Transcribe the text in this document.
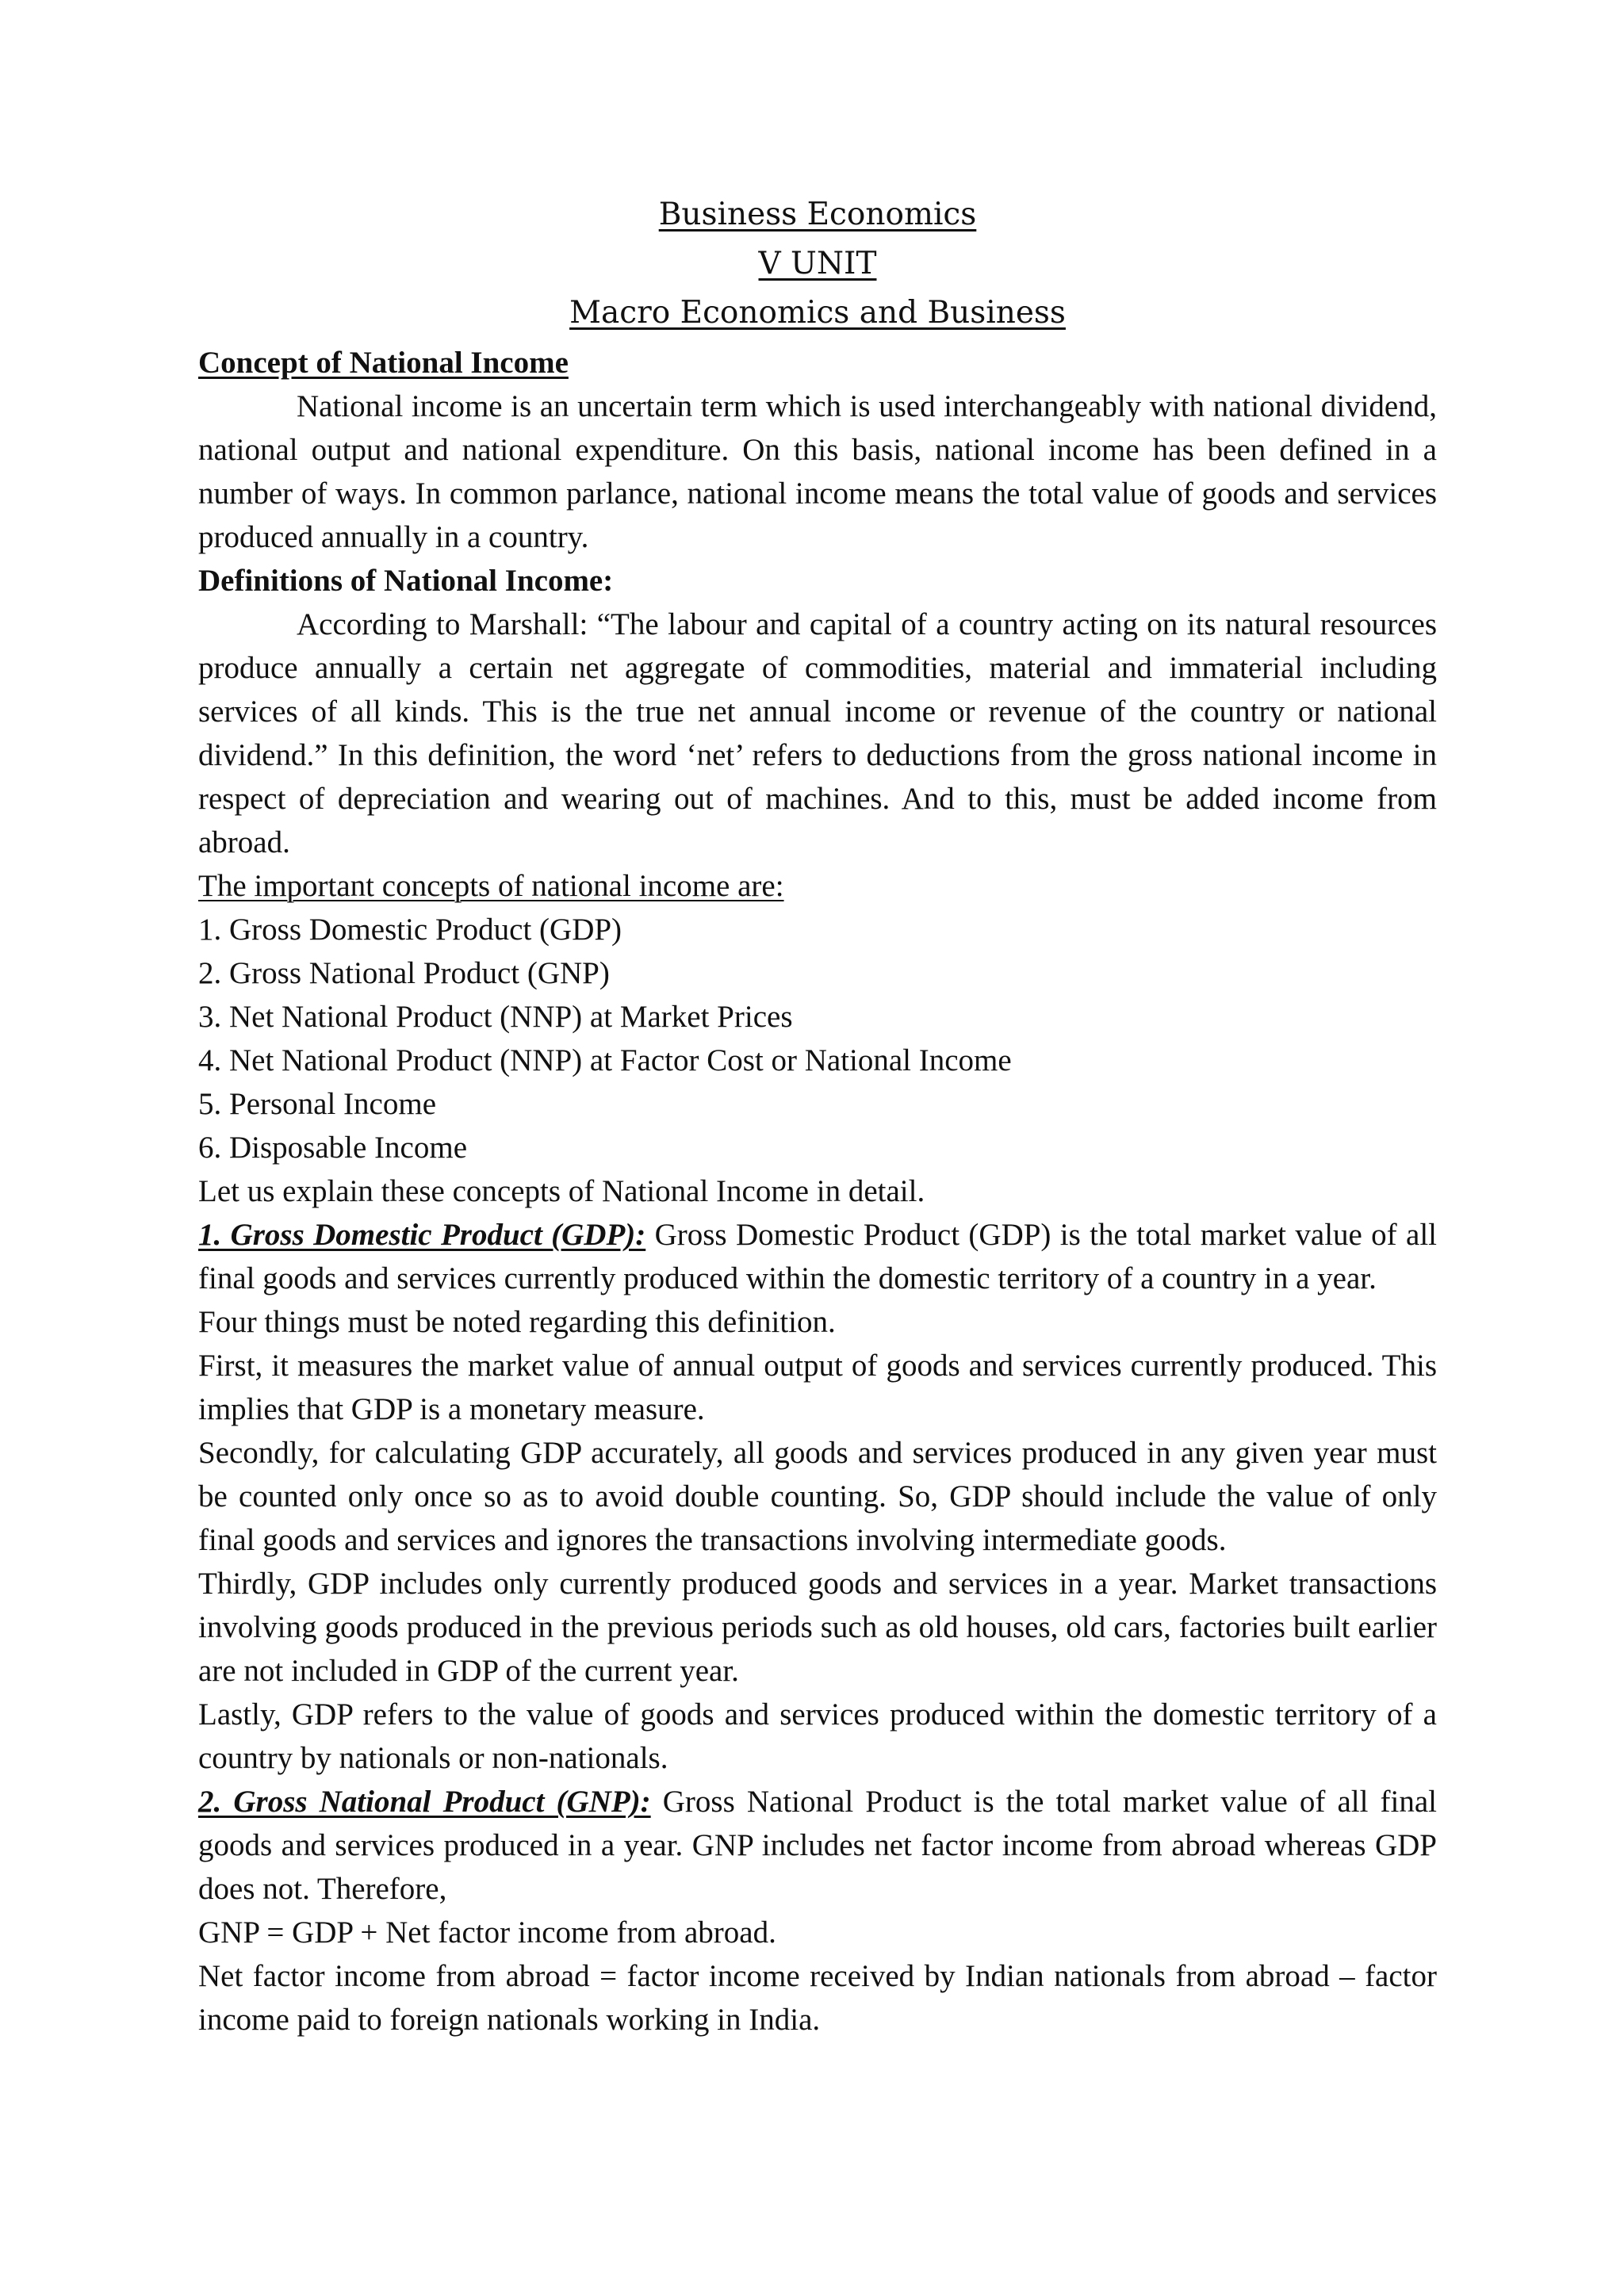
Business Economics

V UNIT

Macro Economics and Business

Concept of National Income

National income is an uncertain term which is used interchangeably with national dividend, national output and national expenditure. On this basis, national income has been defined in a number of ways. In common parlance, national income means the total value of goods and services produced annually in a country.

Definitions of National Income:

According to Marshall: “The labour and capital of a country acting on its natural resources produce annually a certain net aggregate of commodities, material and immaterial including services of all kinds. This is the true net annual income or revenue of the country or national dividend.” In this definition, the word ‘net’ refers to deductions from the gross national income in respect of depreciation and wearing out of machines. And to this, must be added income from abroad.

The important concepts of national income are:

1. Gross Domestic Product (GDP)

2. Gross National Product (GNP)

3. Net National Product (NNP) at Market Prices

4. Net National Product (NNP) at Factor Cost or National Income

5. Personal Income

6. Disposable Income

Let us explain these concepts of National Income in detail.

1. Gross Domestic Product (GDP): Gross Domestic Product (GDP) is the total market value of all final goods and services currently produced within the domestic territory of a country in a year.

Four things must be noted regarding this definition.

First, it measures the market value of annual output of goods and services currently produced. This implies that GDP is a monetary measure.

Secondly, for calculating GDP accurately, all goods and services produced in any given year must be counted only once so as to avoid double counting. So, GDP should include the value of only final goods and services and ignores the transactions involving intermediate goods.

Thirdly, GDP includes only currently produced goods and services in a year. Market transactions involving goods produced in the previous periods such as old houses, old cars, factories built earlier are not included in GDP of the current year.

Lastly, GDP refers to the value of goods and services produced within the domestic territory of a country by nationals or non-nationals.

2. Gross National Product (GNP): Gross National Product is the total market value of all final goods and services produced in a year. GNP includes net factor income from abroad whereas GDP does not. Therefore,

GNP = GDP + Net factor income from abroad.

Net factor income from abroad = factor income received by Indian nationals from abroad – factor income paid to foreign nationals working in India.
